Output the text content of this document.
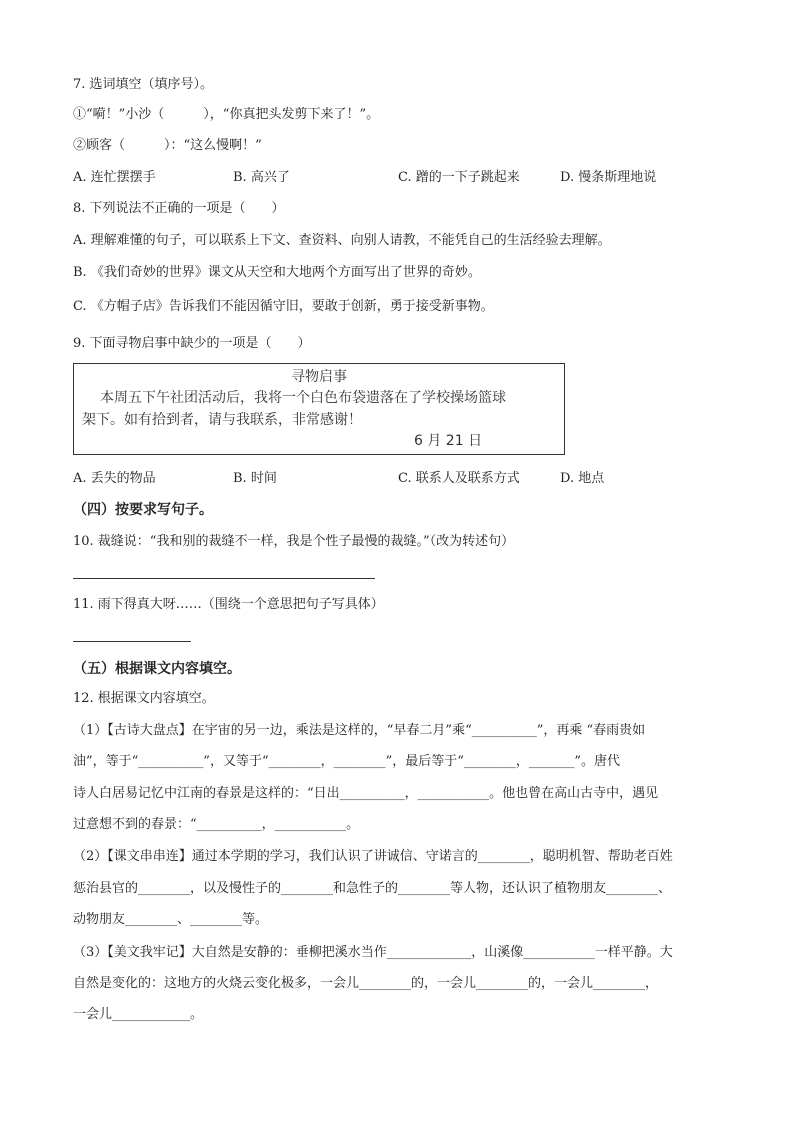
7. 选词填空（填序号）。
①“嗬！”小沙（　　　），“你真把头发剪下来了！”。
②顾客（　　　）：“这么慢啊！”
A. 连忙摆摆手	B. 高兴了	C. 蹭的一下子跳起来	D. 慢条斯理地说
8. 下列说法不正确的一项是（　　）
A. 理解难懂的句子，可以联系上下文、查资料、向别人请教，不能凭自己的生活经验去理解。
B. 《我们奇妙的世界》课文从天空和大地两个方面写出了世界的奇妙。
C. 《方帽子店》告诉我们不能因循守旧，要敢于创新，勇于接受新事物。
9. 下面寻物启事中缺少的一项是（　　）
寻物启事
本周五下午社团活动后，我将一个白色布袋遗落在了学校操场篮球
架下。如有拾到者，请与我联系，非常感谢！
6 月 21 日
A. 丢失的物品	B. 时间	C. 联系人及联系方式	D. 地点
（四）按要求写句子。
10. 裁缝说：“我和别的裁缝不一样，我是个性子最慢的裁缝。”（改为转述句）
11. 雨下得真大呀……（围绕一个意思把句子写具体）
（五）根据课文内容填空。
12. 根据课文内容填空。
（1）【古诗大盘点】在宇宙的另一边，乘法是这样的，“早春二月”乘“__________”，再乘 “春雨贵如
油”，等于“__________”，又等于“________，________”，最后等于“________，_______”。唐代
诗人白居易记忆中江南的春景是这样的：“日出__________，___________。他也曾在高山古寺中，遇见
过意想不到的春景：“__________，___________。
（2）【课文串串连】通过本学期的学习，我们认识了讲诚信、守诺言的________，聪明机智、帮助老百姓
惩治县官的________，以及慢性子的________和急性子的________等人物，还认识了植物朋友________、
动物朋友________、________等。
（3）【美文我牢记】大自然是安静的：垂柳把溪水当作_____________，山溪像___________一样平静。大
自然是变化的：这地方的火烧云变化极多，一会儿________的，一会儿________的，一会儿________，
一会儿____________。
